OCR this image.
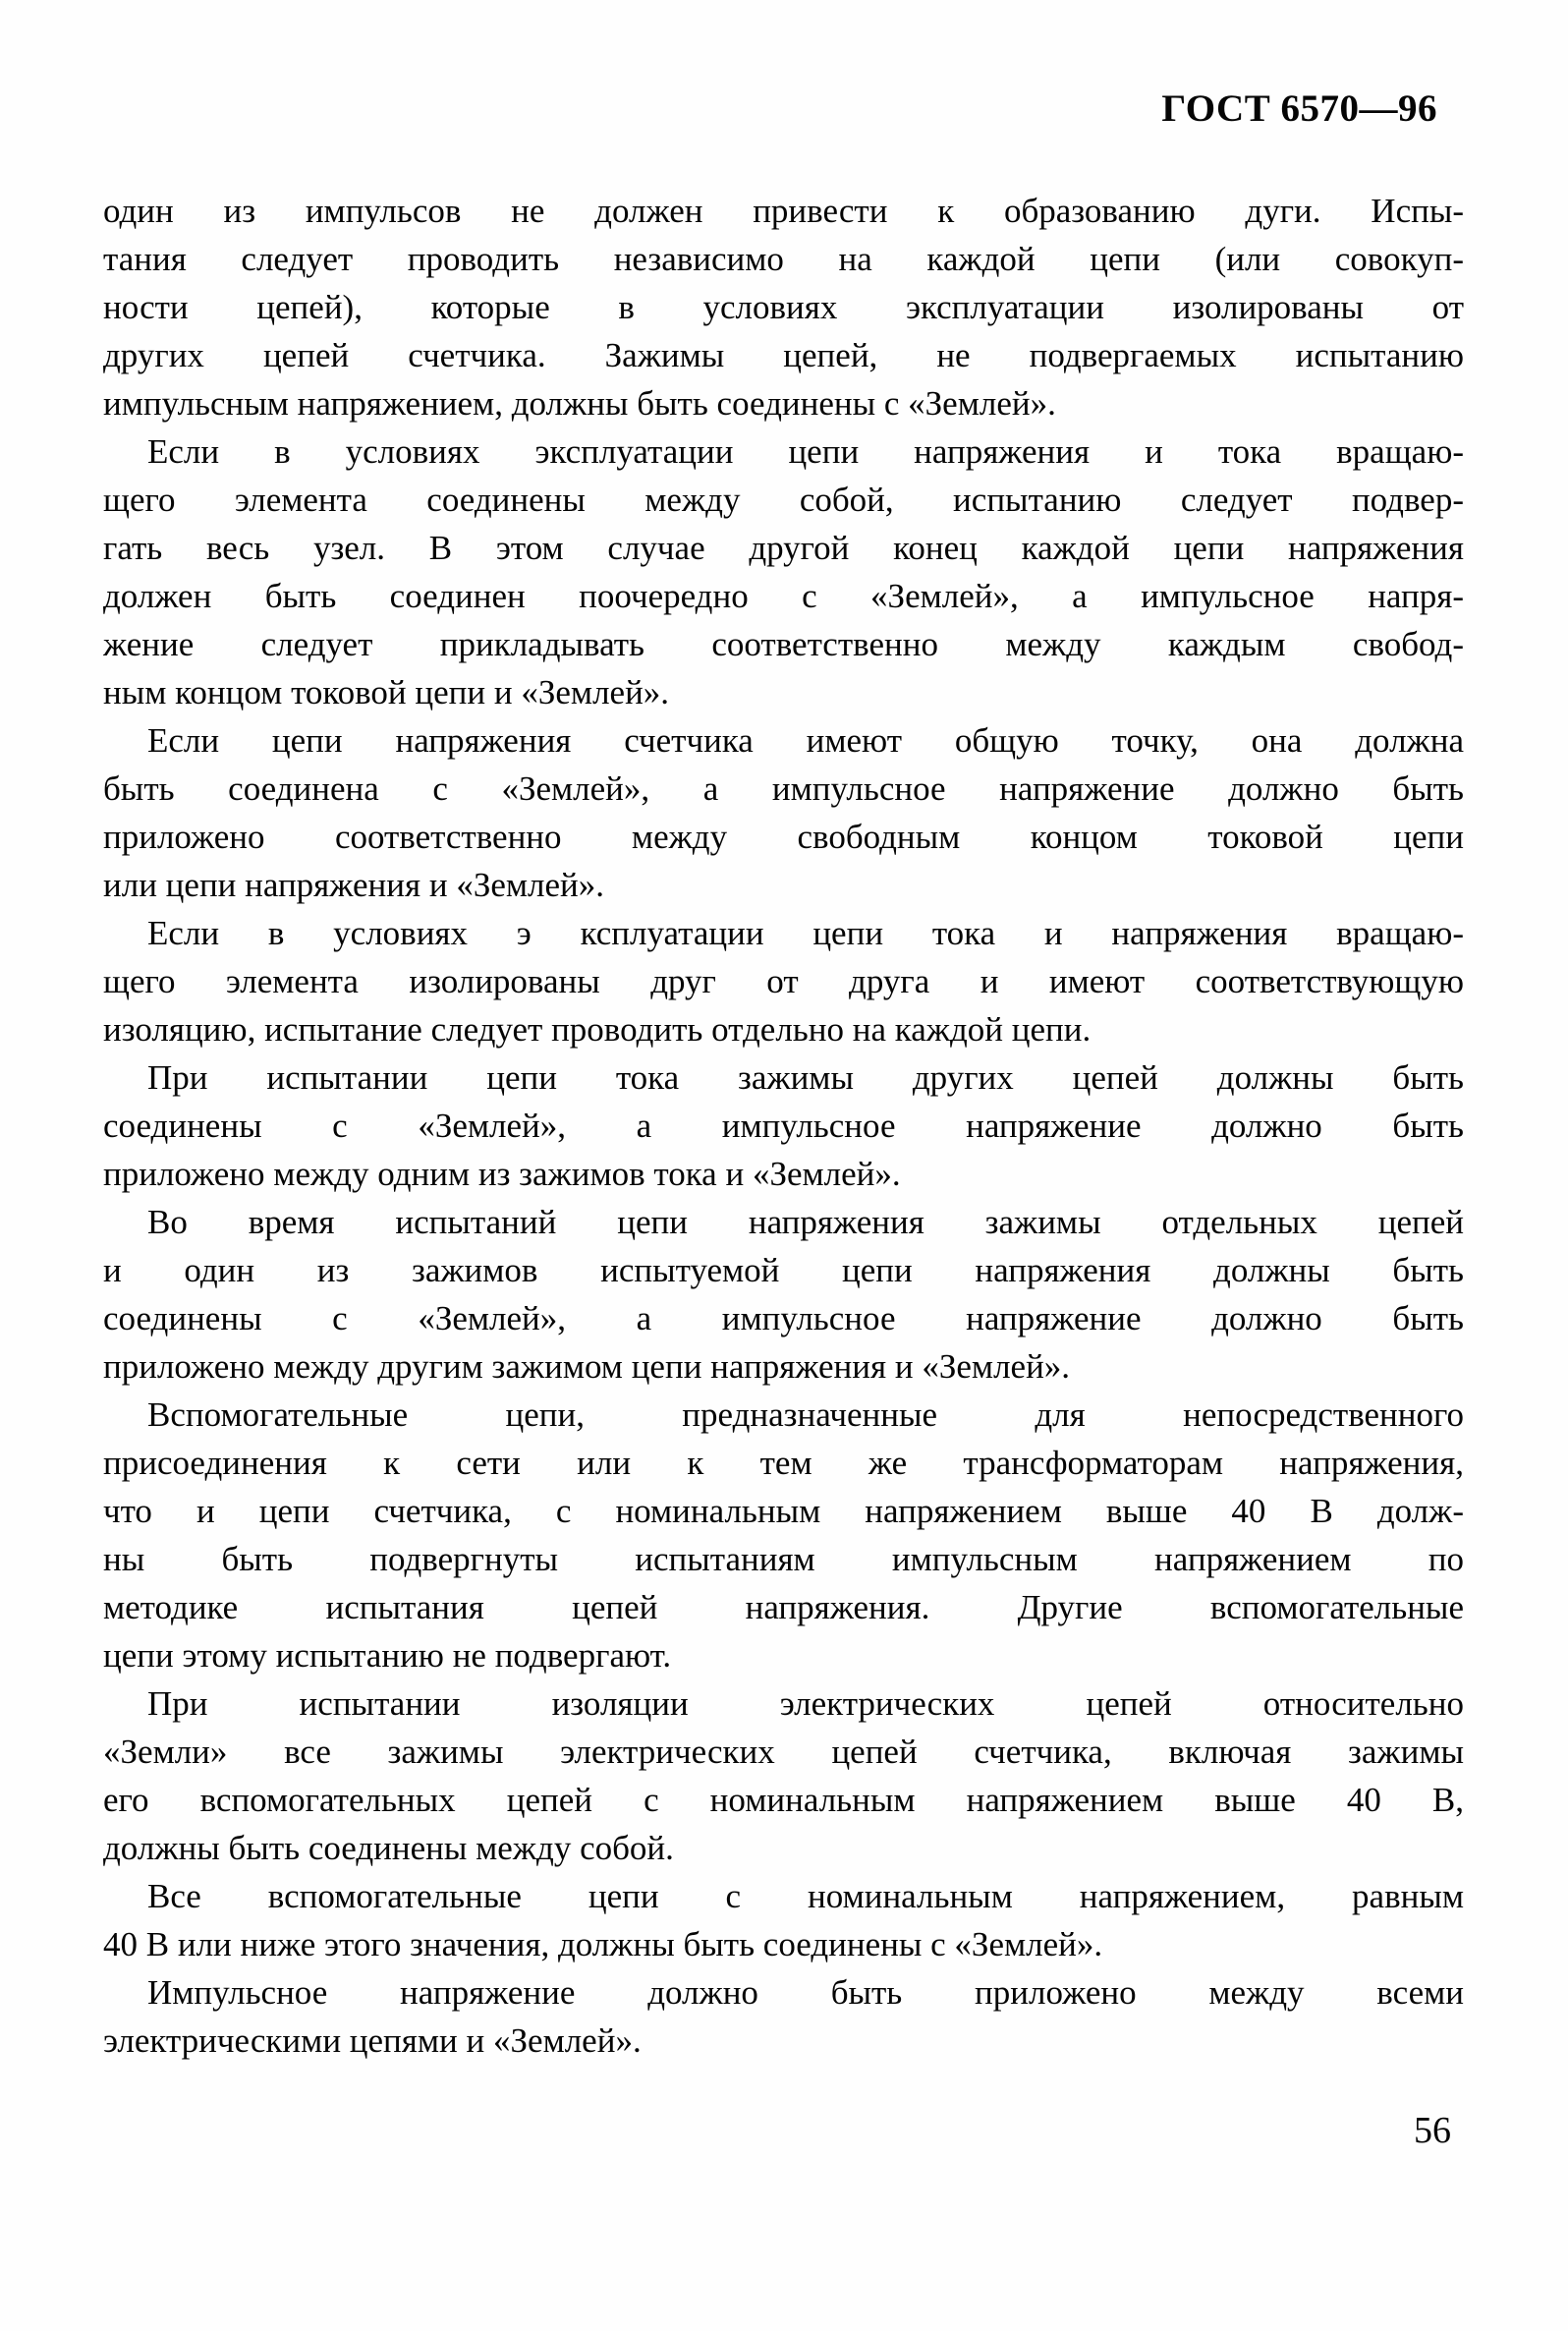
ГОСТ 6570—96
один из импульсов не должен привести к образованию дуги. Испы-
тания следует проводить независимо на каждой цепи (или совокуп-
ности цепей), которые в условиях эксплуатации изолированы от
других цепей счетчика. Зажимы цепей, не подвергаемых испытанию
импульсным напряжением, должны быть соединены с «Землей».
Если в условиях эксплуатации цепи напряжения и тока вращаю-
щего элемента соединены между собой, испытанию следует подвер-
гать весь узел. В этом случае другой конец каждой цепи напряжения
должен быть соединен поочередно с «Землей», а импульсное напря-
жение следует прикладывать соответственно между каждым свобод-
ным концом токовой цепи и «Землей».
Если цепи напряжения счетчика имеют общую точку, она должна
быть соединена с «Землей», а импульсное напряжение должно быть
приложено соответственно между свободным концом токовой цепи
или цепи напряжения и «Землей».
Если в условиях э ксплуатации цепи тока и напряжения вращаю-
щего элемента изолированы друг от друга и имеют соответствующую
изоляцию, испытание следует проводить отдельно на каждой цепи.
При испытании цепи тока зажимы других цепей должны быть
соединены с «Землей», а импульсное напряжение должно быть
приложено между одним из зажимов тока и «Землей».
Во время испытаний цепи напряжения зажимы отдельных цепей
и один из зажимов испытуемой цепи напряжения должны быть
соединены с «Землей», а импульсное напряжение должно быть
приложено между другим зажимом цепи напряжения и «Землей».
Вспомогательные цепи, предназначенные для непосредственного
присоединения к сети или к тем же трансформаторам напряжения,
что и цепи счетчика, с номинальным напряжением выше 40 В долж-
ны быть подвергнуты испытаниям импульсным напряжением по
методике испытания цепей напряжения. Другие вспомогательные
цепи этому испытанию не подвергают.
При испытании изоляции электрических цепей относительно
«Земли» все зажимы электрических цепей счетчика, включая зажимы
его вспомогательных цепей с номинальным напряжением выше 40 В,
должны быть соединены между собой.
Все вспомогательные цепи с номинальным напряжением, равным
40 В или ниже этого значения, должны быть соединены с «Землей».
Импульсное напряжение должно быть приложено между всеми
электрическими цепями и «Землей».
56
